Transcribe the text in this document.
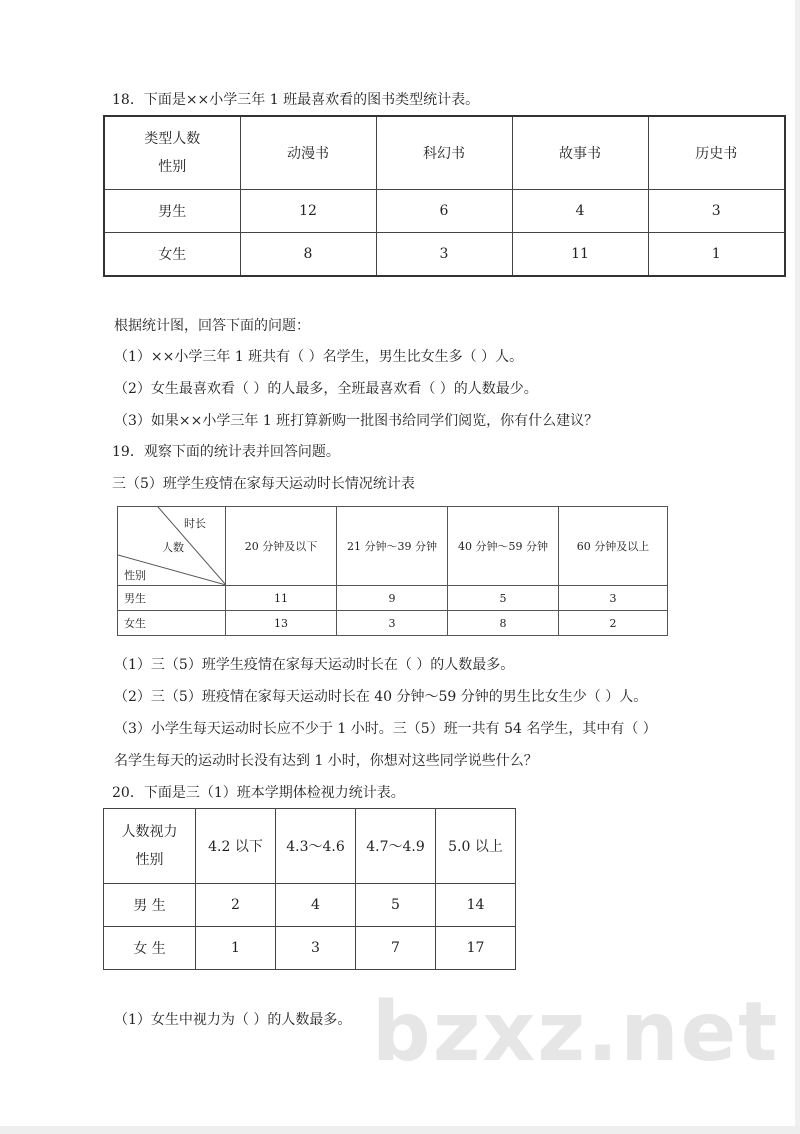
18．下面是××小学三年 1 班最喜欢看的图书类型统计表。
类型人数
性别	动漫书	科幻书	故事书	历史书
男生	12	6	4	3
女生	8	3	11	1
根据统计图，回答下面的问题：
（1）××小学三年 1 班共有（ ）名学生，男生比女生多（ ）人。
（2）女生最喜欢看（ ）的人最多，全班最喜欢看（ ）的人数最少。
（3）如果××小学三年 1 班打算新购一批图书给同学们阅览，你有什么建议？
19．观察下面的统计表并回答问题。
三（5）班学生疫情在家每天运动时长情况统计表
时长
人数
性别	20 分钟及以下	21 分钟～39 分钟	40 分钟～59 分钟	60 分钟及以上
男生	11	9	5	3
女生	13	3	8	2
（1）三（5）班学生疫情在家每天运动时长在（ ）的人数最多。
（2）三（5）班疫情在家每天运动时长在 40 分钟～59 分钟的男生比女生少（ ）人。
（3）小学生每天运动时长应不少于 1 小时。三（5）班一共有 54 名学生，其中有（ ）
名学生每天的运动时长没有达到 1 小时，你想对这些同学说些什么？
20．下面是三（1）班本学期体检视力统计表。
人数视力
性别	4.2 以下	4.3～4.6	4.7～4.9	5.0 以上
男 生	2	4	5	14
女 生	1	3	7	17
（1）女生中视力为（ ）的人数最多。 bzxz.net
